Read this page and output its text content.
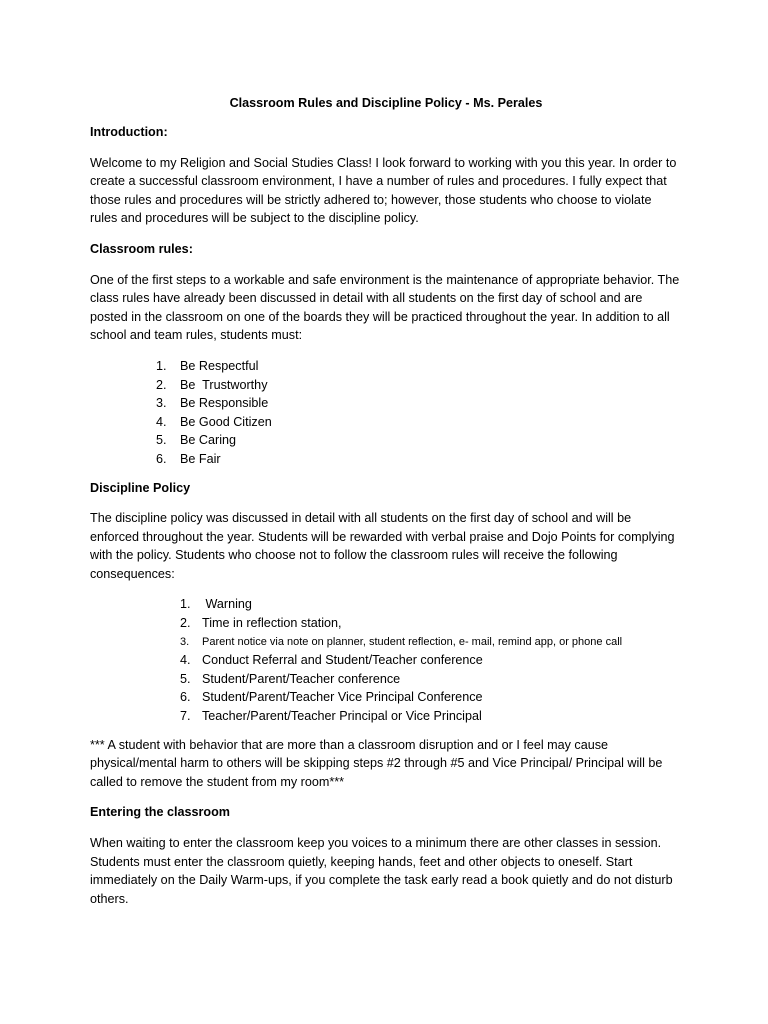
Classroom Rules and Discipline Policy - Ms. Perales
Introduction:

Welcome to my Religion and Social Studies Class! I look forward to working with you this year. In order to create a successful classroom environment, I have a number of rules and procedures. I fully expect that those rules and procedures will be strictly adhered to; however, those students who choose to violate rules and procedures will be subject to the discipline policy.

Classroom rules:

One of the first steps to a workable and safe environment is the maintenance of appropriate behavior. The class rules have already been discussed in detail with all students on the first day of school and are posted in the classroom on one of the boards they will be practiced throughout the year. In addition to all school and team rules, students must:

1. Be Respectful
2. Be  Trustworthy
3. Be Responsible
4. Be Good Citizen
5. Be Caring
6. Be Fair
Discipline Policy

The discipline policy was discussed in detail with all students on the first day of school and will be enforced throughout the year. Students will be rewarded with verbal praise and Dojo Points for complying with the policy. Students who choose not to follow the classroom rules will receive the following consequences:

1. Warning
2. Time in reflection station,
3. Parent notice via note on planner, student reflection, e- mail, remind app, or phone call
4. Conduct Referral and Student/Teacher conference
5. Student/Parent/Teacher conference
6. Student/Parent/Teacher Vice Principal Conference
7. Teacher/Parent/Teacher Principal or Vice Principal

*** A student with behavior that are more than a classroom disruption and or I feel may cause physical/mental harm to others will be skipping steps #2 through #5 and Vice Principal/ Principal will be called to remove the student from my room***

Entering the classroom

When waiting to enter the classroom keep you voices to a minimum there are other classes in session. Students must enter the classroom quietly, keeping hands, feet and other objects to oneself. Start immediately on the Daily Warm-ups, if you complete the task early read a book quietly and do not disturb others.
